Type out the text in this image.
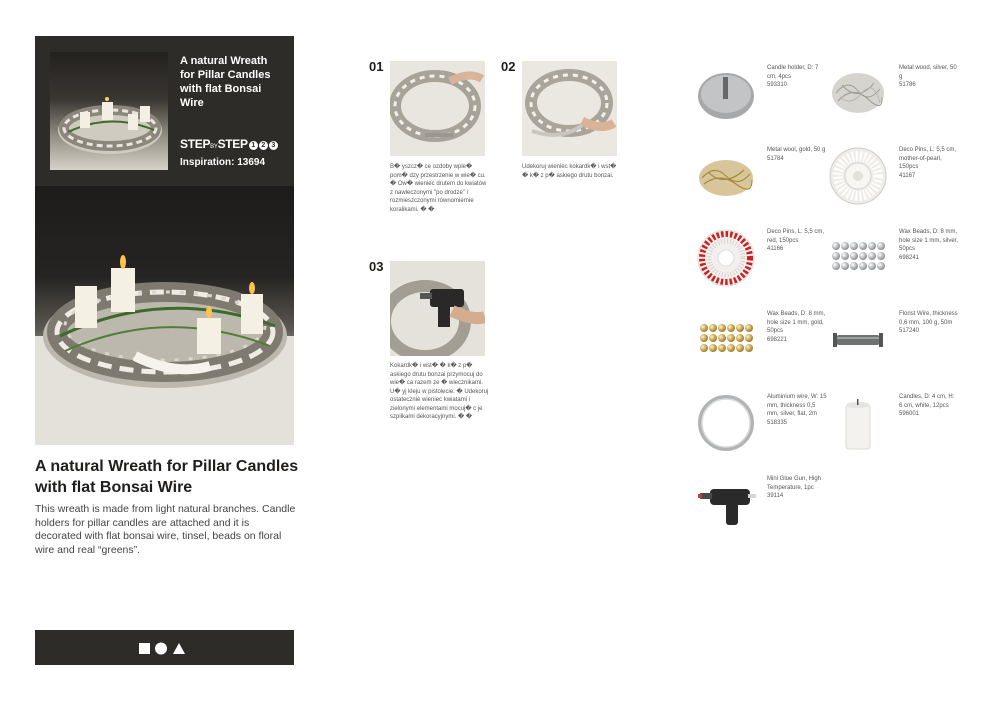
A natural Wreath for Pillar Candles with flat Bonsai Wire
STEPBYSTEP 1 2 3
Inspiration: 13694
A natural Wreath for Pillar Candles with flat Bonsai Wire
This wreath is made from light natural branches. Candle holders for pillar candles are attached and it is decorated with flat bonsai wire, tinsel, beads on floral wire and real “greens”.
01
B� yszcz� ce ozdoby wple� pom� dzy przestrzenie w wie� cu. � Ow� wieniec drutem do kwiatów z nawleczonymi "po drodze" i rozmieszczonymi równomiernie koralikami. � �
02
Udekoruj wieniec kokardk� i wst� � k� z p� askiego drutu bonzai.
03
Kokardk� i wst� � k� z p� askiego drutu bonzai przymocuj do wie� ca razem ze � wiecznikami. U� yj kleju w pistolecie. � Udekoruj ostatecznie wieniec kwiatami i zielonymi elementami mocuj� c je szpilkami dekoracyjnymi. � �
Candle holder, D: 7 cm, 4pcs
593310
Metal wood, silver, 50 g
51786
Metal wool, gold, 50 g
51784
Deco Pins, L: 5,5 cm, mother-of-pearl, 150pcs
41167
Deco Pins, L: 5,5 cm, red, 150pcs
41166
Wax Beads, D: 8 mm, hole size 1 mm, silver, 50pcs
698241
Wax Beads, D: 8 mm, hole size 1 mm, gold, 50pcs
698221
Florist Wire, thickness 0,6 mm, 100 g, 50m
517240
Aluminium wire, W: 15 mm, thickness 0,5 mm, silver, flat, 2m
518335
Candles, D: 4 cm, H: 6 cm, white, 12pcs
596001
Mini Glue Gun, High Temperature, 1pc
39114
